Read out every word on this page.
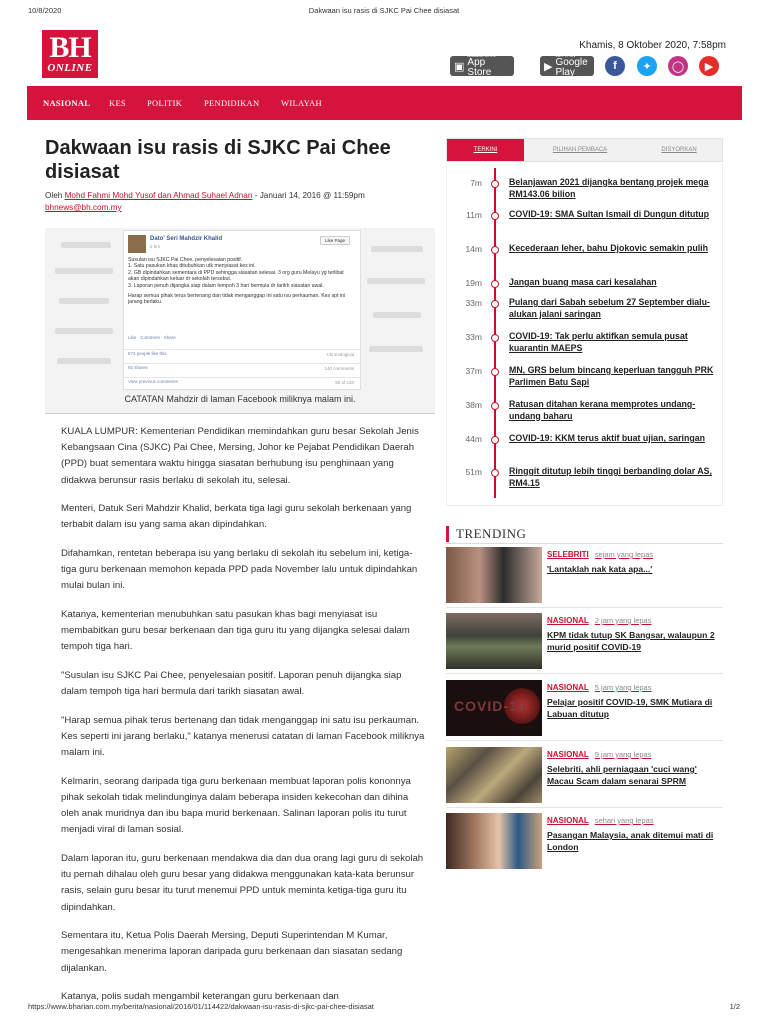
10/8/2020	Dakwaan isu rasis di SJKC Pai Chee disiasat
BH
ONLINE
Khamis, 8 Oktober 2020, 7:58pm
▣
Available on the
App Store	▶
GET IT ON
Google Play
f	✦	◯	▶
NASIONAL KES POLITIK	PENDIDIKAN	WILAYAH
Dakwaan isu rasis di SJKC Pai Chee disiasat
Oleh Mohd Fahmi Mohd Yusof dan Ahmad Suhael Adnan - Januari 14, 2016 @ 11:59pm
bhnews@bh.com.my
Dato' Seri Mahdzir Khalid
2 hrs
Like Page
Susulan isu SJKC Pai Chee, penyelesaian positif.
1. Satu pasukan khas ditubuhkan utk menyiasat kes ini.
2. GB dipindahkan sementara di PPD sehingga siasatan selesai. 3 org guru Melayu yg terlibat akan dipindahkan keluar dr sekolah tersebut.
3. Laporan penuh dijangka siap dalam tempoh 3 hari bermula dr tarikh siasatan awal.
Harap semua pihak terus bertenang dan tidak menganggap ini satu isu perkauman. Kes spt ini jarang berlaku.
Like · Comment · Share
673 people like this.	Chronological
92 shares	140 comments
View previous comments	50 of 140
CATATAN Mahdzir di laman Facebook miliknya malam ini.

KUALA LUMPUR: Kementerian Pendidikan memindahkan guru besar Sekolah Jenis Kebangsaan Cina (SJKC) Pai Chee, Mersing, Johor ke Pejabat Pendidikan Daerah (PPD) buat sementara waktu hingga siasatan berhubung isu penghinaan yang didakwa berunsur rasis berlaku di sekolah itu, selesai.

Menteri, Datuk Seri Mahdzir Khalid, berkata tiga lagi guru sekolah berkenaan yang terbabit dalam isu yang sama akan dipindahkan.

Difahamkan, rentetan beberapa isu yang berlaku di sekolah itu sebelum ini, ketiga-tiga guru berkenaan memohon kepada PPD pada November lalu untuk dipindahkan mulai bulan ini.

Katanya, kementerian menubuhkan satu pasukan khas bagi menyiasat isu membabitkan guru besar berkenaan dan tiga guru itu yang dijangka selesai dalam tempoh tiga hari.

"Susulan isu SJKC Pai Chee, penyelesaian positif. Laporan penuh dijangka siap dalam tempoh tiga hari bermula dari tarikh siasatan awal.

"Harap semua pihak terus bertenang dan tidak menganggap ini satu isu perkauman. Kes seperti ini jarang berlaku," katanya menerusi catatan di laman Facebook miliknya malam ini.

Kelmarin, seorang daripada tiga guru berkenaan membuat laporan polis kononnya pihak sekolah tidak melindunginya dalam beberapa insiden kekecohan dan dihina oleh anak muridnya dan ibu bapa murid berkenaan. Salinan laporan polis itu turut menjadi viral di laman sosial.

Dalam laporan itu, guru berkenaan mendakwa dia dan dua orang lagi guru di sekolah itu pernah dihalau oleh guru besar yang didakwa menggunakan kata-kata berunsur rasis, selain guru besar itu turut menemui PPD untuk meminta ketiga-tiga guru itu dipindahkan.

Sementara itu, Ketua Polis Daerah Mersing, Deputi Superintendan M Kumar, mengesahkan menerima laporan daripada guru berkenaan dan siasatan sedang dijalankan.

Katanya, polis sudah mengambil keterangan guru berkenaan dan

TERKINI	PILIHAN PEMBACA	DISYORKAN
7m	Belanjawan 2021 dijangka bentang projek mega RM143.06 bilion
11m	COVID-19: SMA Sultan Ismail di Dungun ditutup
14m	Kecederaan leher, bahu Djokovic semakin pulih
19m	Jangan buang masa cari kesalahan
33m	Pulang dari Sabah sebelum 27 September dialu-alukan jalani saringan
33m	COVID-19: Tak perlu aktifkan semula pusat kuarantin MAEPS
37m	MN, GRS belum bincang keperluan tangguh PRK Parlimen Batu Sapi
38m	Ratusan ditahan kerana memprotes undang-undang baharu
44m	COVID-19: KKM terus aktif buat ujian, saringan
51m	Ringgit ditutup lebih tinggi berbanding dolar AS, RM4.15
TRENDING
SELEBRITI sejam yang lepas
'Lantaklah nak kata apa...'
NASIONAL 2 jam yang lepas
KPM tidak tutup SK Bangsar, walaupun 2 murid positif COVID-19
COVID-19
NASIONAL 5 jam yang lepas
Pelajar positif COVID-19, SMK Mutiara di Labuan ditutup
NASIONAL 9 jam yang lepas
Selebriti, ahli perniagaan 'cuci wang' Macau Scam dalam senarai SPRM
NASIONAL sehari yang lepas
Pasangan Malaysia, anak ditemui mati di London
https://www.bharian.com.my/berita/nasional/2016/01/114422/dakwaan-isu-rasis-di-sjkc-pai-chee-disiasat	1/2
